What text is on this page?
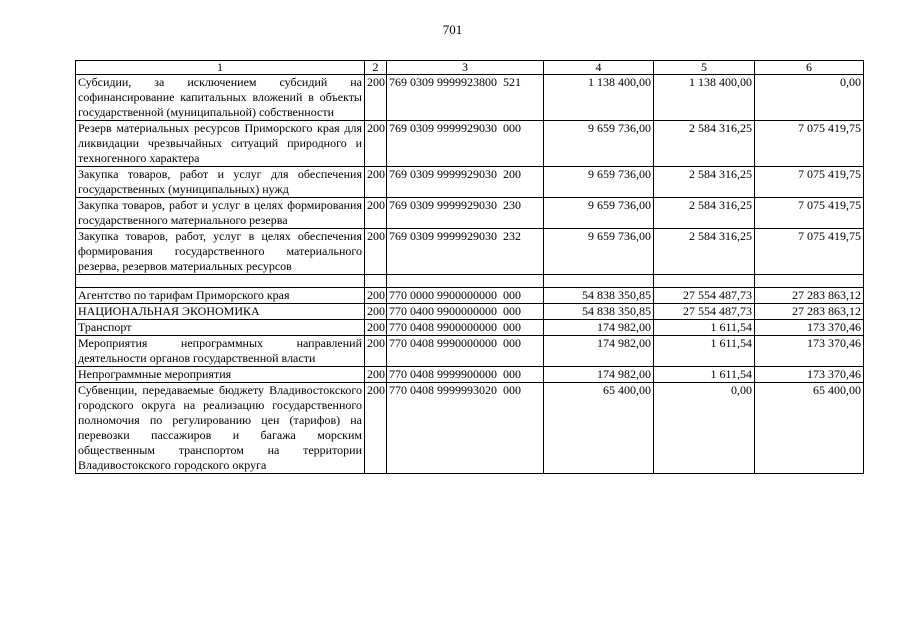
701
1	2	3	4	5	6
Субсидии, за исключением субсидий на софинансирование капитальных вложений в объекты государственной (муниципальной) собственности	200	769 0309 9999923800  521	1 138 400,00	1 138 400,00	0,00
Резерв материальных ресурсов Приморского края для ликвидации чрезвычайных ситуаций природного и техногенного характера	200	769 0309 9999929030  000	9 659 736,00	2 584 316,25	7 075 419,75
Закупка товаров, работ и услуг для обеспечения государственных (муниципальных) нужд	200	769 0309 9999929030  200	9 659 736,00	2 584 316,25	7 075 419,75
Закупка товаров, работ и услуг в целях формирования государственного материального резерва	200	769 0309 9999929030  230	9 659 736,00	2 584 316,25	7 075 419,75
Закупка товаров, работ, услуг в целях обеспечения формирования государственного материального резерва, резервов материальных ресурсов	200	769 0309 9999929030  232	9 659 736,00	2 584 316,25	7 075 419,75

Агентство по тарифам Приморского края	200	770 0000 9900000000  000	54 838 350,85	27 554 487,73	27 283 863,12
НАЦИОНАЛЬНАЯ ЭКОНОМИКА	200	770 0400 9900000000  000	54 838 350,85	27 554 487,73	27 283 863,12
Транспорт	200	770 0408 9900000000  000	174 982,00	1 611,54	173 370,46
Мероприятия непрограммных направлений деятельности органов государственной власти	200	770 0408 9990000000  000	174 982,00	1 611,54	173 370,46
Непрограммные мероприятия	200	770 0408 9999900000  000	174 982,00	1 611,54	173 370,46
Субвенции, передаваемые бюджету Владивостокского городского округа на реализацию государственного полномочия по регулированию цен (тарифов) на перевозки пассажиров и багажа морским общественным транспортом на территории Владивостокского городского округа	200	770 0408 9999993020  000	65 400,00	0,00	65 400,00
